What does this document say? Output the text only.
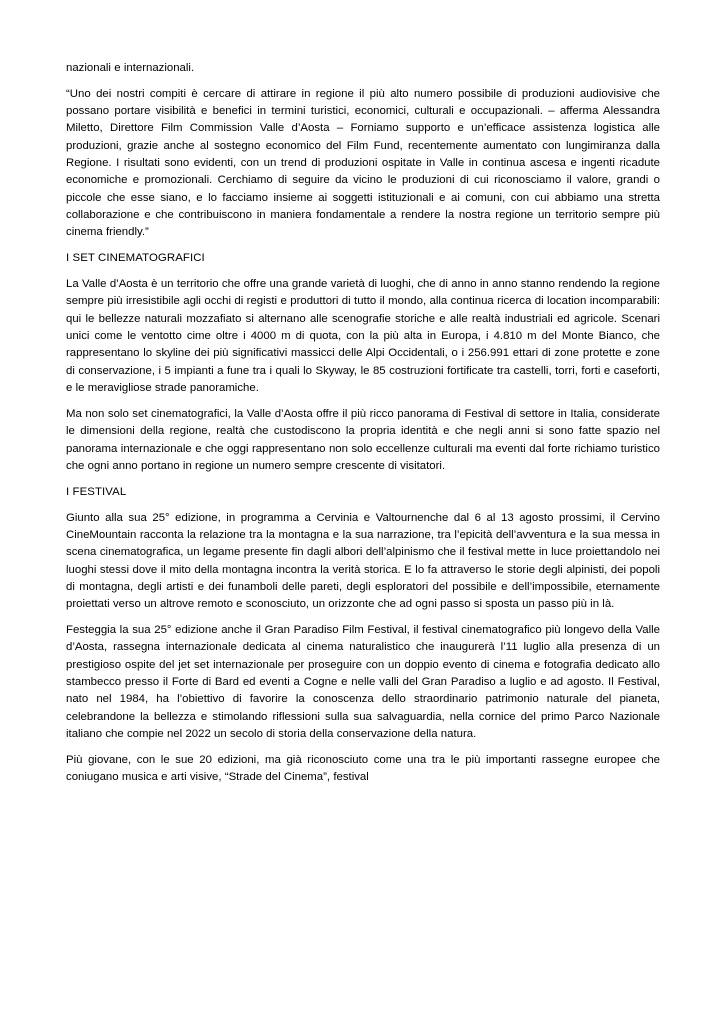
nazionali e internazionali.

“Uno dei nostri compiti è cercare di attirare in regione il più alto numero possibile di produzioni audiovisive che possano portare visibilità e benefici in termini turistici, economici, culturali e occupazionali. – afferma Alessandra Miletto, Direttore Film Commission Valle d’Aosta – Forniamo supporto e un’efficace assistenza logistica alle produzioni, grazie anche al sostegno economico del Film Fund, recentemente aumentato con lungimiranza dalla Regione. I risultati sono evidenti, con un trend di produzioni ospitate in Valle in continua ascesa e ingenti ricadute economiche e promozionali. Cerchiamo di seguire da vicino le produzioni di cui riconosciamo il valore, grandi o piccole che esse siano, e lo facciamo insieme ai soggetti istituzionali e ai comuni, con cui abbiamo una stretta collaborazione e che contribuiscono in maniera fondamentale a rendere la nostra regione un territorio sempre più cinema friendly.”

I SET CINEMATOGRAFICI

La Valle d’Aosta è un territorio che offre una grande varietà di luoghi, che di anno in anno stanno rendendo la regione sempre più irresistibile agli occhi di registi e produttori di tutto il mondo, alla continua ricerca di location incomparabili: qui le bellezze naturali mozzafiato si alternano alle scenografie storiche e alle realtà industriali ed agricole. Scenari unici come le ventotto cime oltre i 4000 m di quota, con la più alta in Europa, i 4.810 m del Monte Bianco, che rappresentano lo skyline dei più significativi massicci delle Alpi Occidentali, o i 256.991 ettari di zone protette e zone di conservazione, i 5 impianti a fune tra i quali lo Skyway, le 85 costruzioni fortificate tra castelli, torri, forti e caseforti, e le meravigliose strade panoramiche.

Ma non solo set cinematografici, la Valle d’Aosta offre il più ricco panorama di Festival di settore in Italia, considerate le dimensioni della regione, realtà che custodiscono la propria identità e che negli anni si sono fatte spazio nel panorama internazionale e che oggi rappresentano non solo eccellenze culturali ma eventi dal forte richiamo turistico che ogni anno portano in regione un numero sempre crescente di visitatori.

I FESTIVAL

Giunto alla sua 25° edizione, in programma a Cervinia e Valtournenche dal 6 al 13 agosto prossimi, il Cervino CineMountain racconta la relazione tra la montagna e la sua narrazione, tra l’epicità dell’avventura e la sua messa in scena cinematografica, un legame presente fin dagli albori dell’alpinismo che il festival mette in luce proiettandolo nei luoghi stessi dove il mito della montagna incontra la verità storica. E lo fa attraverso le storie degli alpinisti, dei popoli di montagna, degli artisti e dei funamboli delle pareti, degli esploratori del possibile e dell’impossibile, eternamente proiettati verso un altrove remoto e sconosciuto, un orizzonte che ad ogni passo si sposta un passo più in là.

Festeggia la sua 25° edizione anche il Gran Paradiso Film Festival, il festival cinematografico più longevo della Valle d’Aosta, rassegna internazionale dedicata al cinema naturalistico che inaugurerà l’11 luglio alla presenza di un prestigioso ospite del jet set internazionale per proseguire con un doppio evento di cinema e fotografia dedicato allo stambecco presso il Forte di Bard ed eventi a Cogne e nelle valli del Gran Paradiso a luglio e ad agosto. Il Festival, nato nel 1984, ha l’obiettivo di favorire la conoscenza dello straordinario patrimonio naturale del pianeta, celebrandone la bellezza e stimolando riflessioni sulla sua salvaguardia, nella cornice del primo Parco Nazionale italiano che compie nel 2022 un secolo di storia della conservazione della natura.

Più giovane, con le sue 20 edizioni, ma già riconosciuto come una tra le più importanti rassegne europee che coniugano musica e arti visive, “Strade del Cinema”, festival
